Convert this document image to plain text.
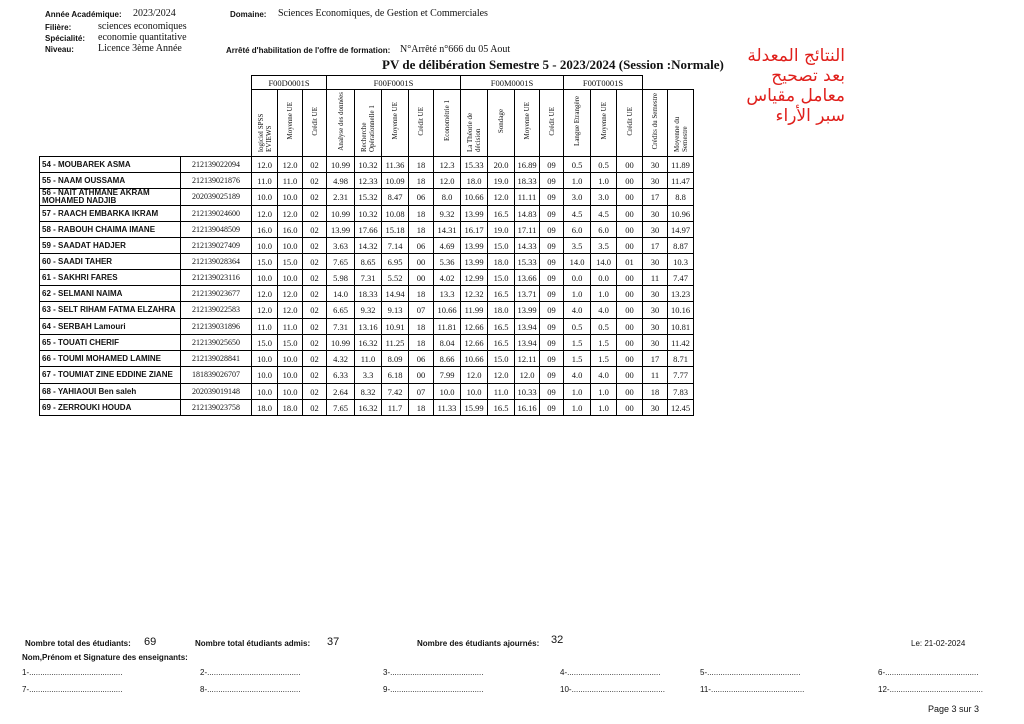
Année Académique: 2023/2024	Domaine: Sciences Economiques, de Gestion et Commerciales
Filière:	sciences economiques
Spécialité: economie quantitative
Niveau: Licence 3ème Année	Arrêté d'habilitation de l'offre de formation: N°Arrêté n°666 du 05 Aout
PV de délibération Semestre 5 - 2023/2024 (Session :Normale)	النتائج المعدلة
بعد تصحيح
معامل مقياس
سبر الأراء
		F00D0001S			F00F0001S					F00M0001S				F00T0001S				
		logiciel SPSS EVIEWS	Moyenne UE	Crédit UE	Analyse des données	Recherche Opérationnelle 1	Moyenne UE	Crédit UE	Econométrie 1	La Théorie de décision	Sondage	Moyenne UE	Crédit UE	Langue Etrangère	Moyenne UE	Crédit UE	Crédits du Semestre	Moyenne du Semestre
54 - MOUBAREK ASMA	212139022094	12.0	12.0	02	10.99	10.32	11.36	18	12.3	15.33	20.0	16.89	09	0.5	0.5	00	30	11.89
55 - NAAM OUSSAMA	212139021876	11.0	11.0	02	4.98	12.33	10.09	18	12.0	18.0	19.0	18.33	09	1.0	1.0	00	30	11.47
56 - NAIT ATHMANE AKRAM MOHAMED NADJIB	202039025189	10.0	10.0	02	2.31	15.32	8.47	06	8.0	10.66	12.0	11.11	09	3.0	3.0	00	17	8.8
57 - RAACH EMBARKA IKRAM	212139024600	12.0	12.0	02	10.99	10.32	10.08	18	9.32	13.99	16.5	14.83	09	4.5	4.5	00	30	10.96
58 - RABOUH CHAIMA IMANE	212139048509	16.0	16.0	02	13.99	17.66	15.18	18	14.31	16.17	19.0	17.11	09	6.0	6.0	00	30	14.97
59 - SAADAT HADJER	212139027409	10.0	10.0	02	3.63	14.32	7.14	06	4.69	13.99	15.0	14.33	09	3.5	3.5	00	17	8.87
60 - SAADI TAHER	212139028364	15.0	15.0	02	7.65	8.65	6.95	00	5.36	13.99	18.0	15.33	09	14.0	14.0	01	30	10.3
61 - SAKHRI FARES	212139023116	10.0	10.0	02	5.98	7.31	5.52	00	4.02	12.99	15.0	13.66	09	0.0	0.0	00	11	7.47
62 - SELMANI NAIMA	212139023677	12.0	12.0	02	14.0	18.33	14.94	18	13.3	12.32	16.5	13.71	09	1.0	1.0	00	30	13.23
63 - SELT RIHAM FATMA ELZAHRA	212139022583	12.0	12.0	02	6.65	9.32	9.13	07	10.66	11.99	18.0	13.99	09	4.0	4.0	00	30	10.16
64 - SERBAH Lamouri	212139031896	11.0	11.0	02	7.31	13.16	10.91	18	11.81	12.66	16.5	13.94	09	0.5	0.5	00	30	10.81
65 - TOUATI CHERIF	212139025650	15.0	15.0	02	10.99	16.32	11.25	18	8.04	12.66	16.5	13.94	09	1.5	1.5	00	30	11.42
66 - TOUMI MOHAMED LAMINE	212139028841	10.0	10.0	02	4.32	11.0	8.09	06	8.66	10.66	15.0	12.11	09	1.5	1.5	00	17	8.71
67 - TOUMIAT ZINE EDDINE ZIANE	181839026707	10.0	10.0	02	6.33	3.3	6.18	00	7.99	12.0	12.0	12.0	09	4.0	4.0	00	11	7.77
68 - YAHIAOUI Ben saleh	202039019148	10.0	10.0	02	2.64	8.32	7.42	07	10.0	10.0	11.0	10.33	09	1.0	1.0	00	18	7.83
69 - ZERROUKI HOUDA	212139023758	18.0	18.0	02	7.65	16.32	11.7	18	11.33	15.99	16.5	16.16	09	1.0	1.0	00	30	12.45
Nombre total des étudiants: 69	Nombre total étudiants admis: 37	Nombre des étudiants ajournés: 32	Le: 21-02-2024
Nom,Prénom et Signature des enseignants:
1-..........................................	2-..........................................	3-..........................................	4-..........................................	5-..........................................	6-..........................................
7-..........................................	8-..........................................	9-..........................................	10-..........................................	11-..........................................	12-..........................................
Page 3 sur 3
